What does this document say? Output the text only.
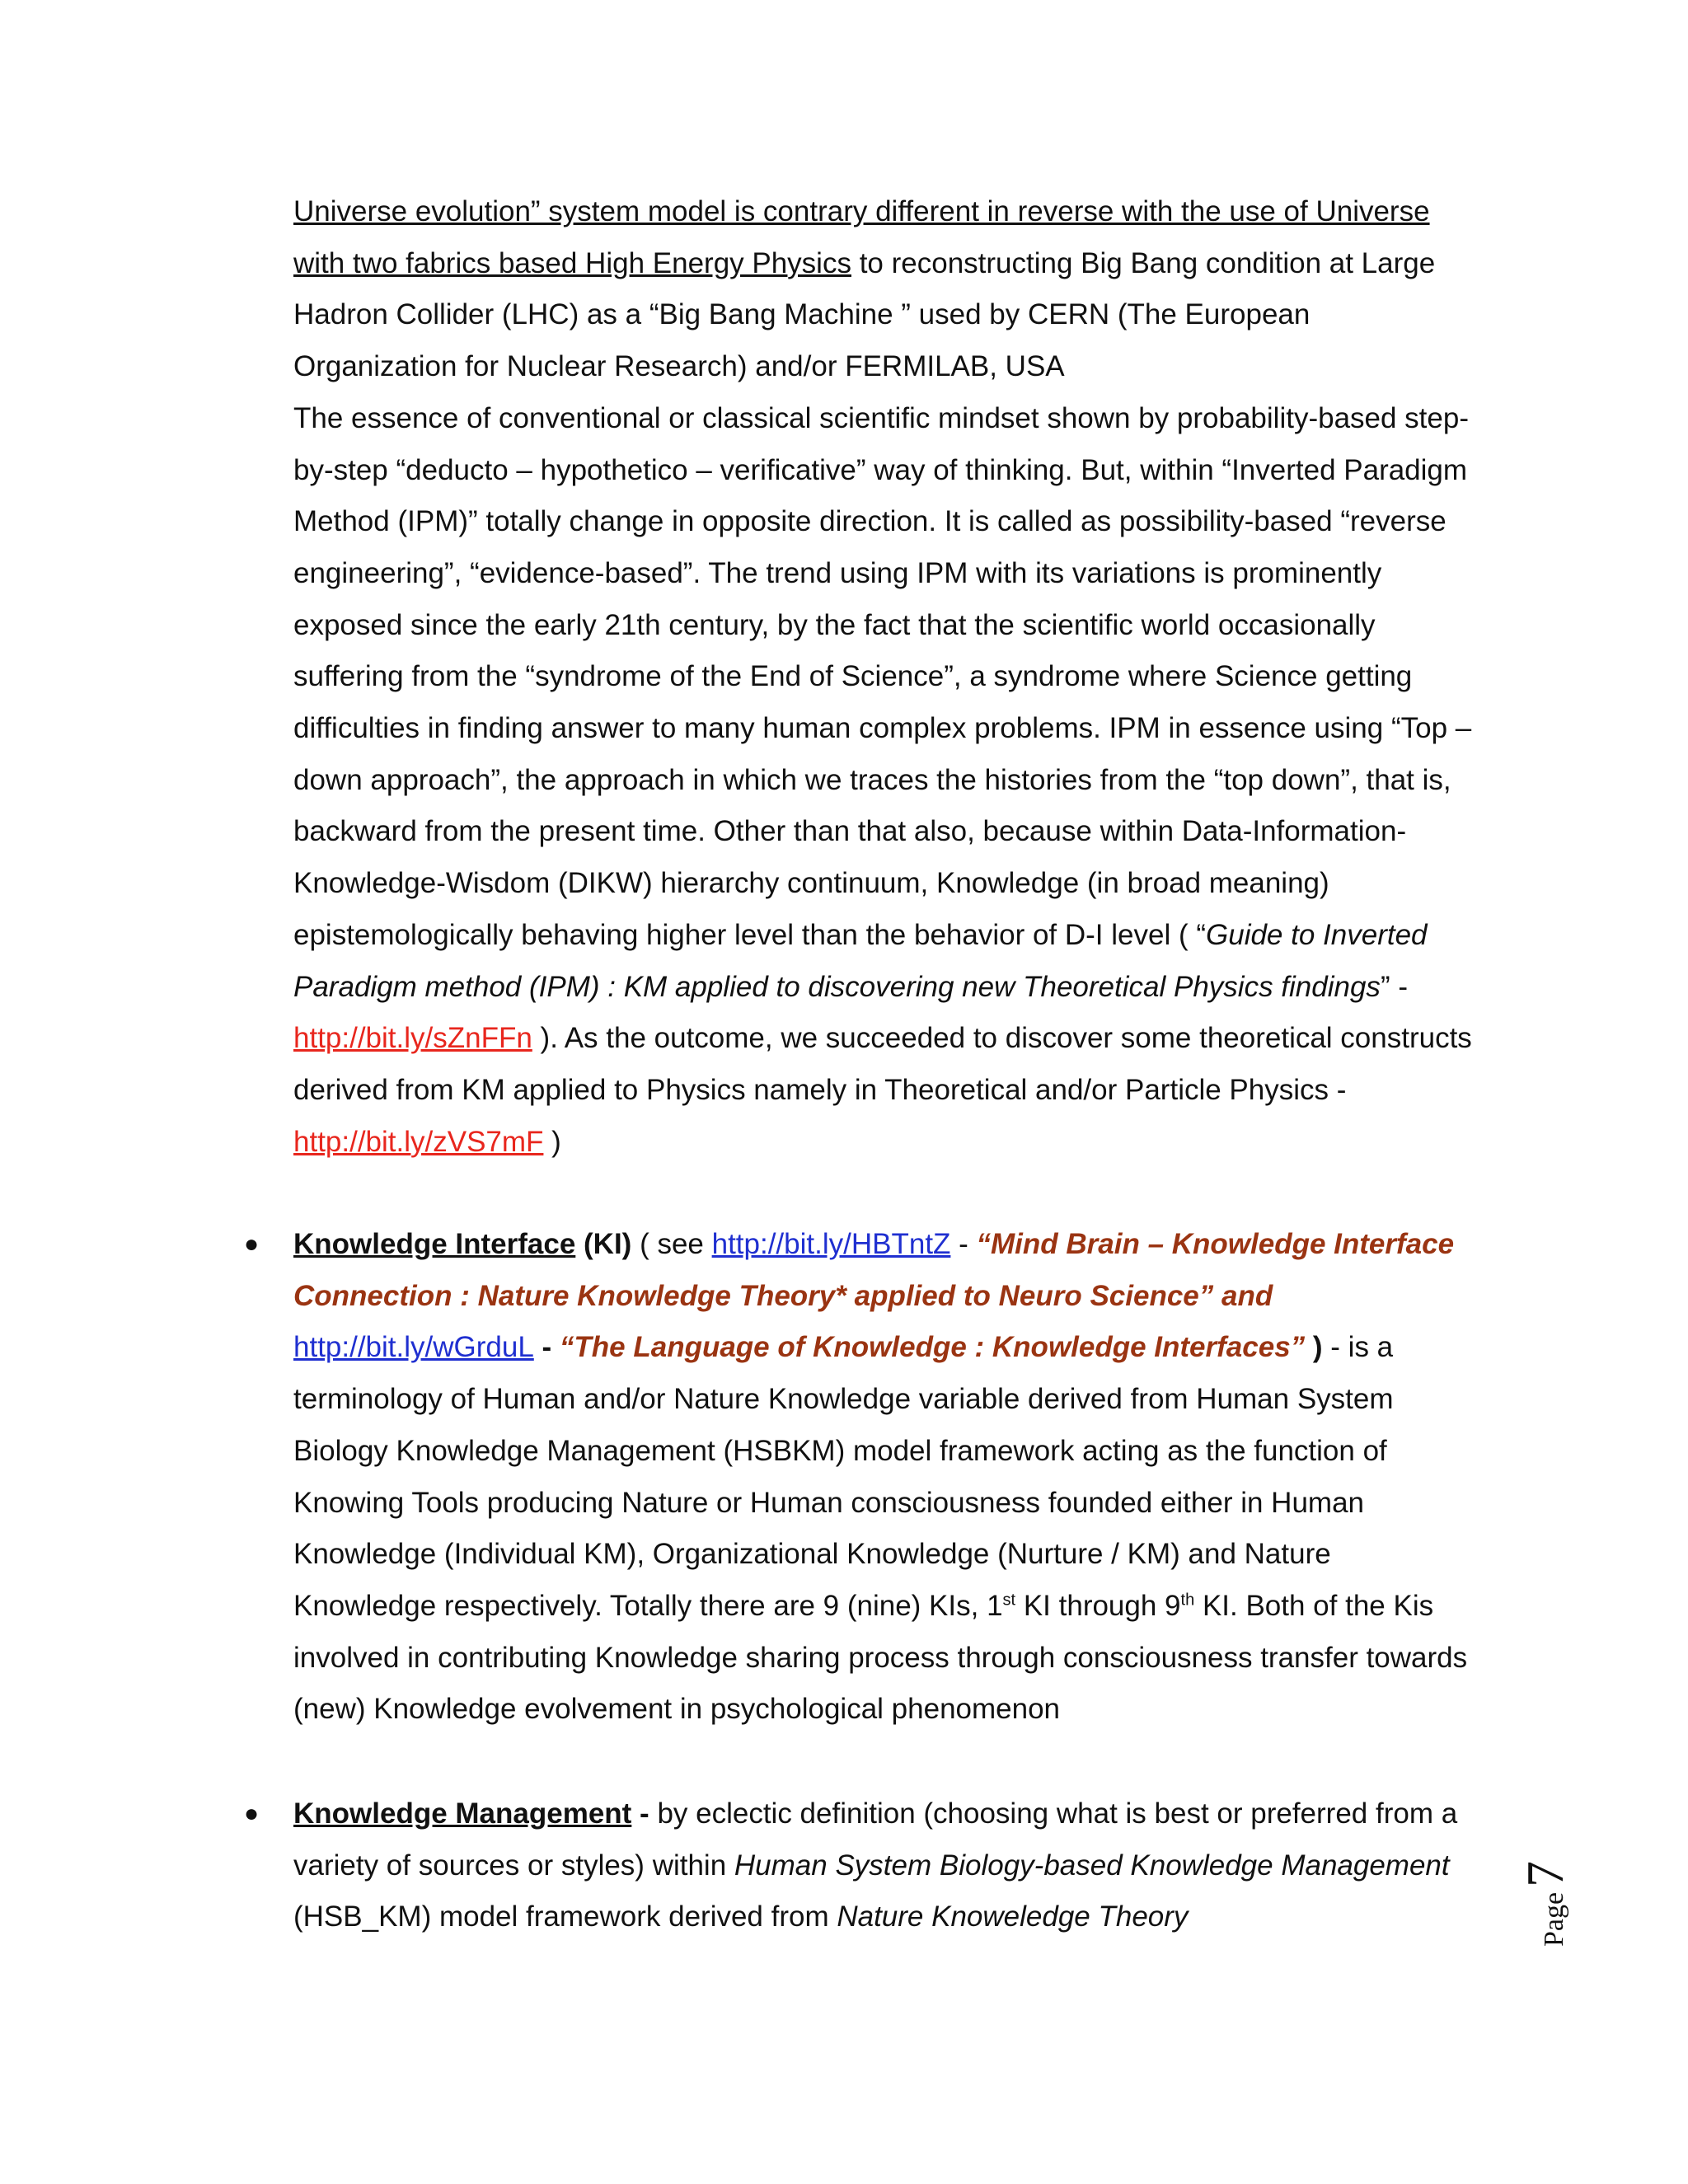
Universe evolution” system model is contrary different in reverse with the use of Universe with two fabrics based High Energy Physics to reconstructing Big Bang condition at Large Hadron Collider (LHC) as a “Big Bang Machine ” used by CERN (The European Organization for Nuclear Research) and/or FERMILAB, USA
The essence of conventional or classical scientific mindset shown by probability-based step-by-step “deducto – hypothetico – verificative” way of thinking. But, within “Inverted Paradigm Method (IPM)” totally change in opposite direction. It is called as possibility-based “reverse engineering”, “evidence-based”. The trend using IPM with its variations is prominently exposed since the early 21th century, by the fact that the scientific world occasionally suffering from the “syndrome of the End of Science”, a syndrome where Science getting difficulties in finding answer to many human complex problems. IPM in essence using “Top – down approach”, the approach in which we traces the histories from the “top down”, that is, backward from the present time. Other than that also, because within Data-Information-Knowledge-Wisdom (DIKW) hierarchy continuum, Knowledge (in broad meaning) epistemologically behaving higher level than the behavior of D-I level ( “Guide to Inverted Paradigm method (IPM) : KM applied to discovering new Theoretical Physics findings” - http://bit.ly/sZnFFn ). As the outcome, we succeeded to discover some theoretical constructs derived from KM applied to Physics namely in Theoretical and/or Particle Physics - http://bit.ly/zVS7mF )
● Knowledge Interface (KI) ( see http://bit.ly/HBTntZ - “Mind Brain – Knowledge Interface Connection : Nature Knowledge Theory* applied to Neuro Science” and http://bit.ly/wGrduL - “The Language of Knowledge : Knowledge Interfaces” ) - is a terminology of Human and/or Nature Knowledge variable derived from Human System Biology Knowledge Management (HSBKM) model framework acting as the function of Knowing Tools producing Nature or Human consciousness founded either in Human Knowledge (Individual KM), Organizational Knowledge (Nurture / KM) and Nature Knowledge respectively. Totally there are 9 (nine) KIs, 1st KI through 9th KI. Both of the Kis involved in contributing Knowledge sharing process through consciousness transfer towards (new) Knowledge evolvement in psychological phenomenon
● Knowledge Management - by eclectic definition (choosing what is best or preferred from a variety of sources or styles) within Human System Biology-based Knowledge Management (HSB_KM) model framework derived from Nature Knoweledge Theory	Page
7
